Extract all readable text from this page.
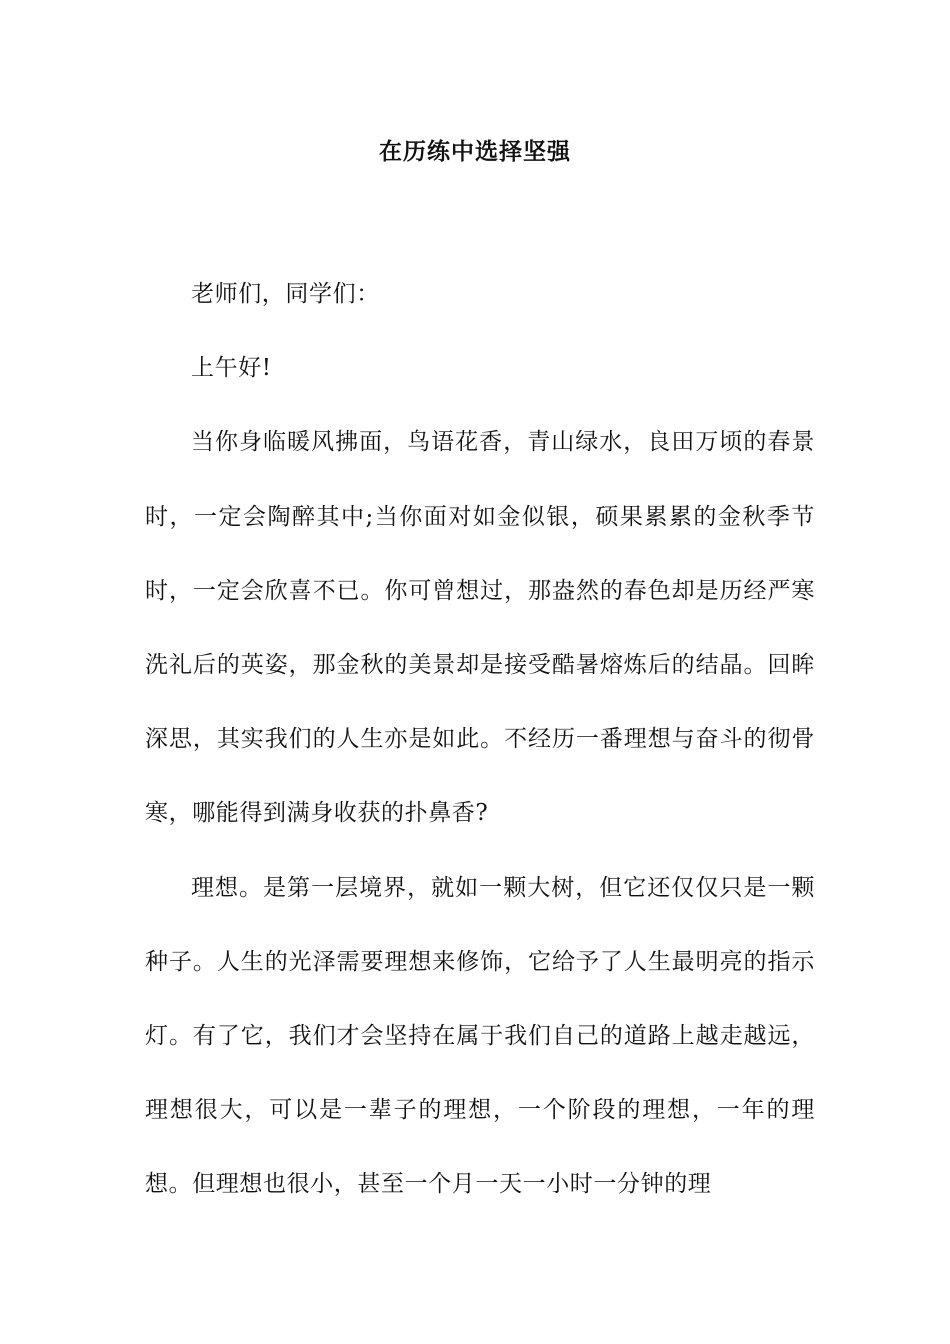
在历练中选择坚强

老师们，同学们：

上午好!

当你身临暖风拂面，鸟语花香，青山绿水，良田万顷的春景时，一定会陶醉其中;当你面对如金似银，硕果累累的金秋季节时，一定会欣喜不已。你可曾想过，那盎然的春色却是历经严寒洗礼后的英姿，那金秋的美景却是接受酷暑熔炼后的结晶。回眸深思，其实我们的人生亦是如此。不经历一番理想与奋斗的彻骨寒，哪能得到满身收获的扑鼻香?

理想。是第一层境界，就如一颗大树，但它还仅仅只是一颗种子。人生的光泽需要理想来修饰，它给予了人生最明亮的指示灯。有了它，我们才会坚持在属于我们自己的道路上越走越远，理想很大，可以是一辈子的理想，一个阶段的理想，一年的理想。但理想也很小，甚至一个月一天一小时一分钟的理
